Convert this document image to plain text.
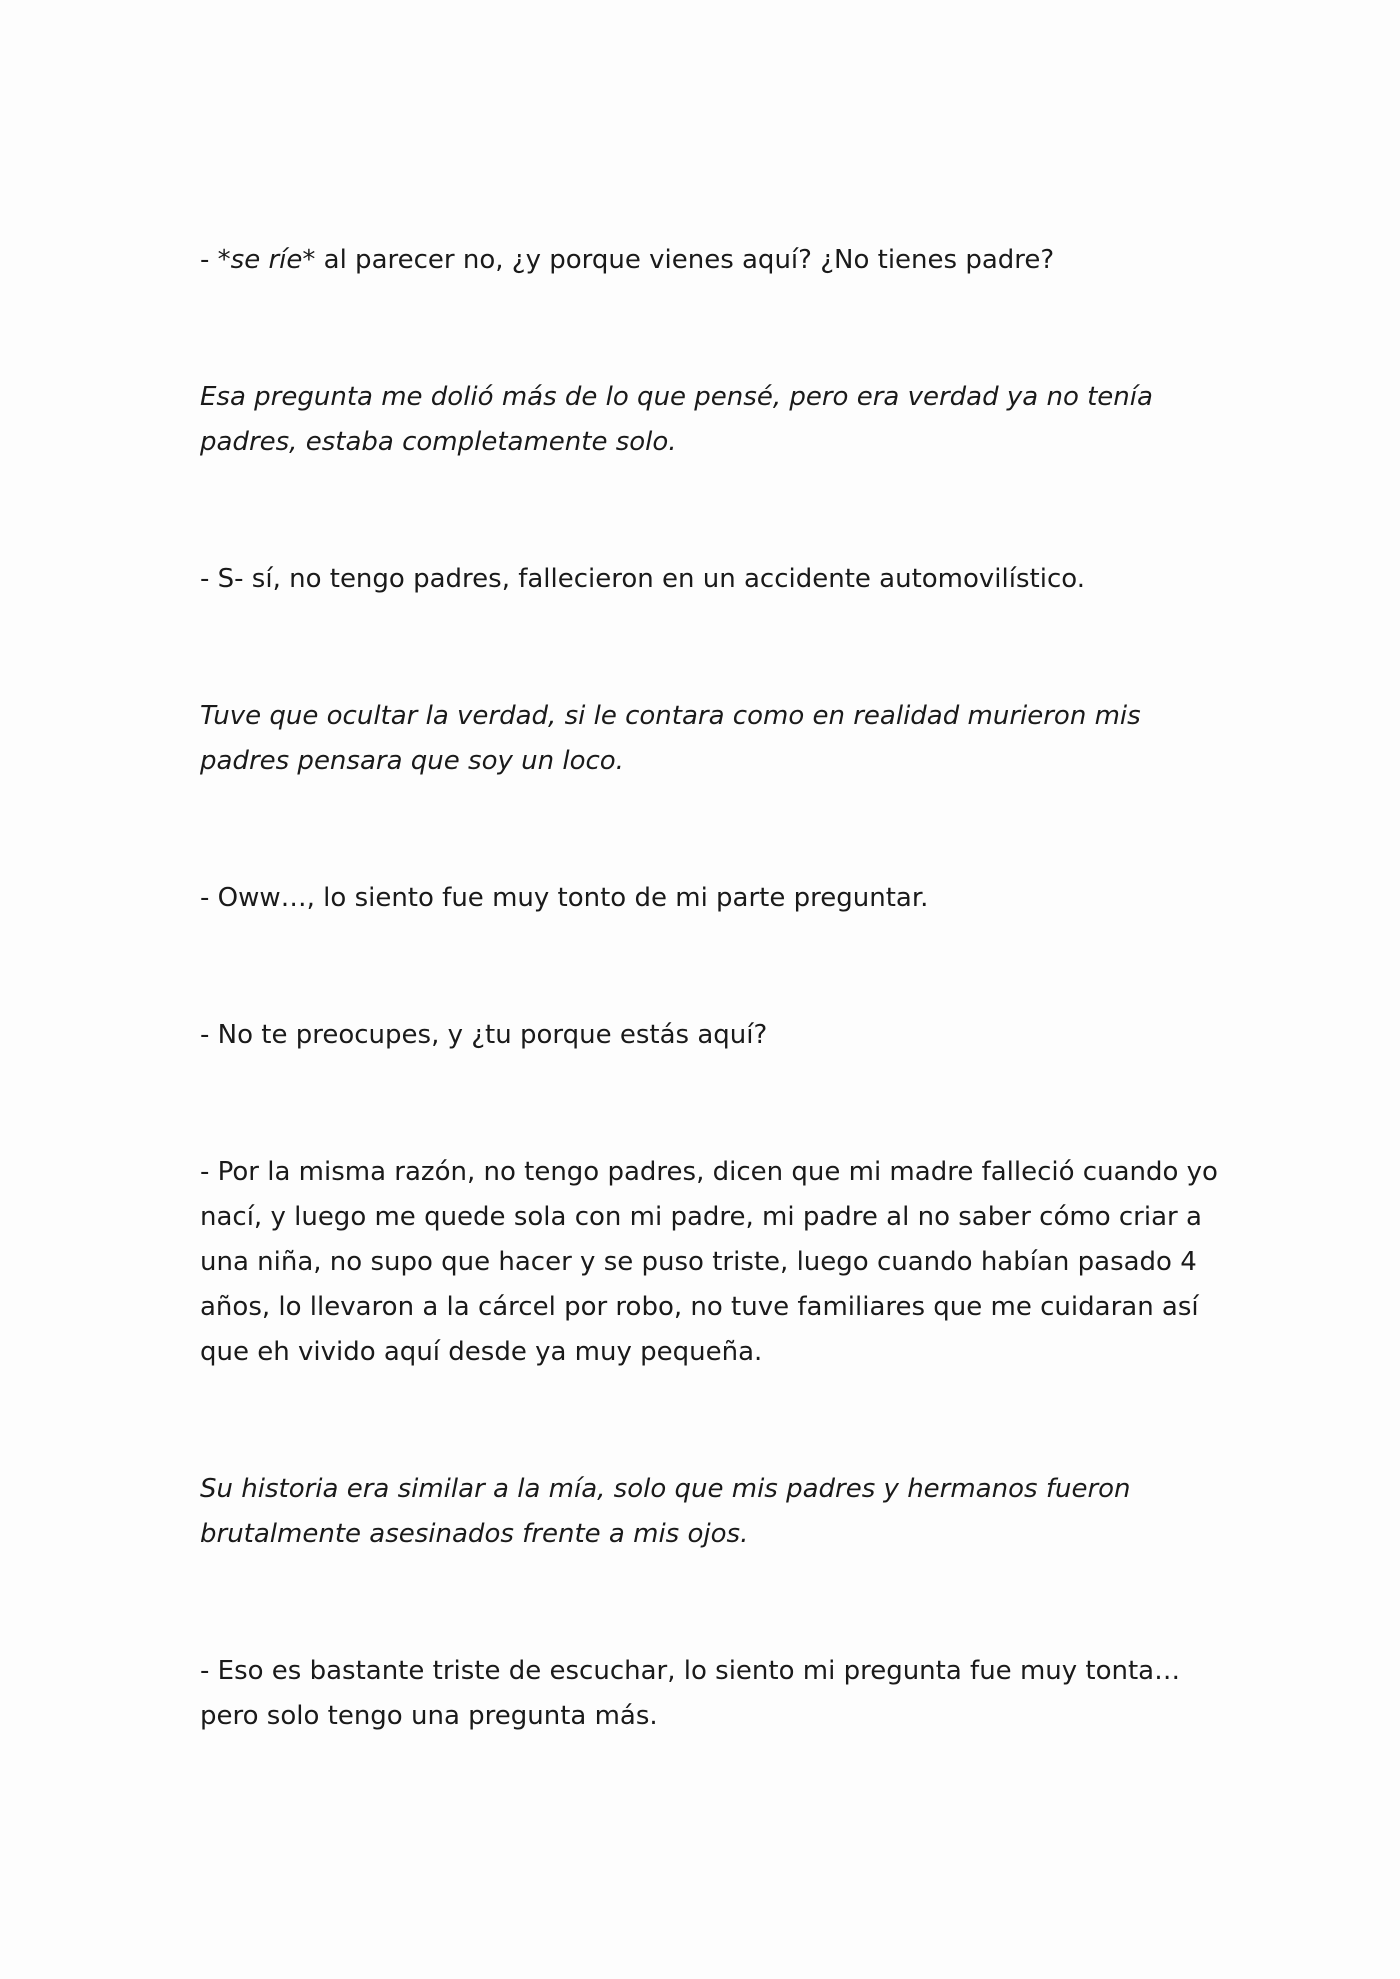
- *se ríe* al parecer no, ¿y porque vienes aquí? ¿No tienes padre?

Esa pregunta me dolió más de lo que pensé, pero era verdad ya no tenía
padres, estaba completamente solo.

- S- sí, no tengo padres, fallecieron en un accidente automovilístico.

Tuve que ocultar la verdad, si le contara como en realidad murieron mis
padres pensara que soy un loco.

- Oww…, lo siento fue muy tonto de mi parte preguntar.

- No te preocupes, y ¿tu porque estás aquí?

- Por la misma razón, no tengo padres, dicen que mi madre falleció cuando yo
nací, y luego me quede sola con mi padre, mi padre al no saber cómo criar a
una niña, no supo que hacer y se puso triste, luego cuando habían pasado 4
años, lo llevaron a la cárcel por robo, no tuve familiares que me cuidaran así
que eh vivido aquí desde ya muy pequeña.

Su historia era similar a la mía, solo que mis padres y hermanos fueron
brutalmente asesinados frente a mis ojos.

- Eso es bastante triste de escuchar, lo siento mi pregunta fue muy tonta…
pero solo tengo una pregunta más.
